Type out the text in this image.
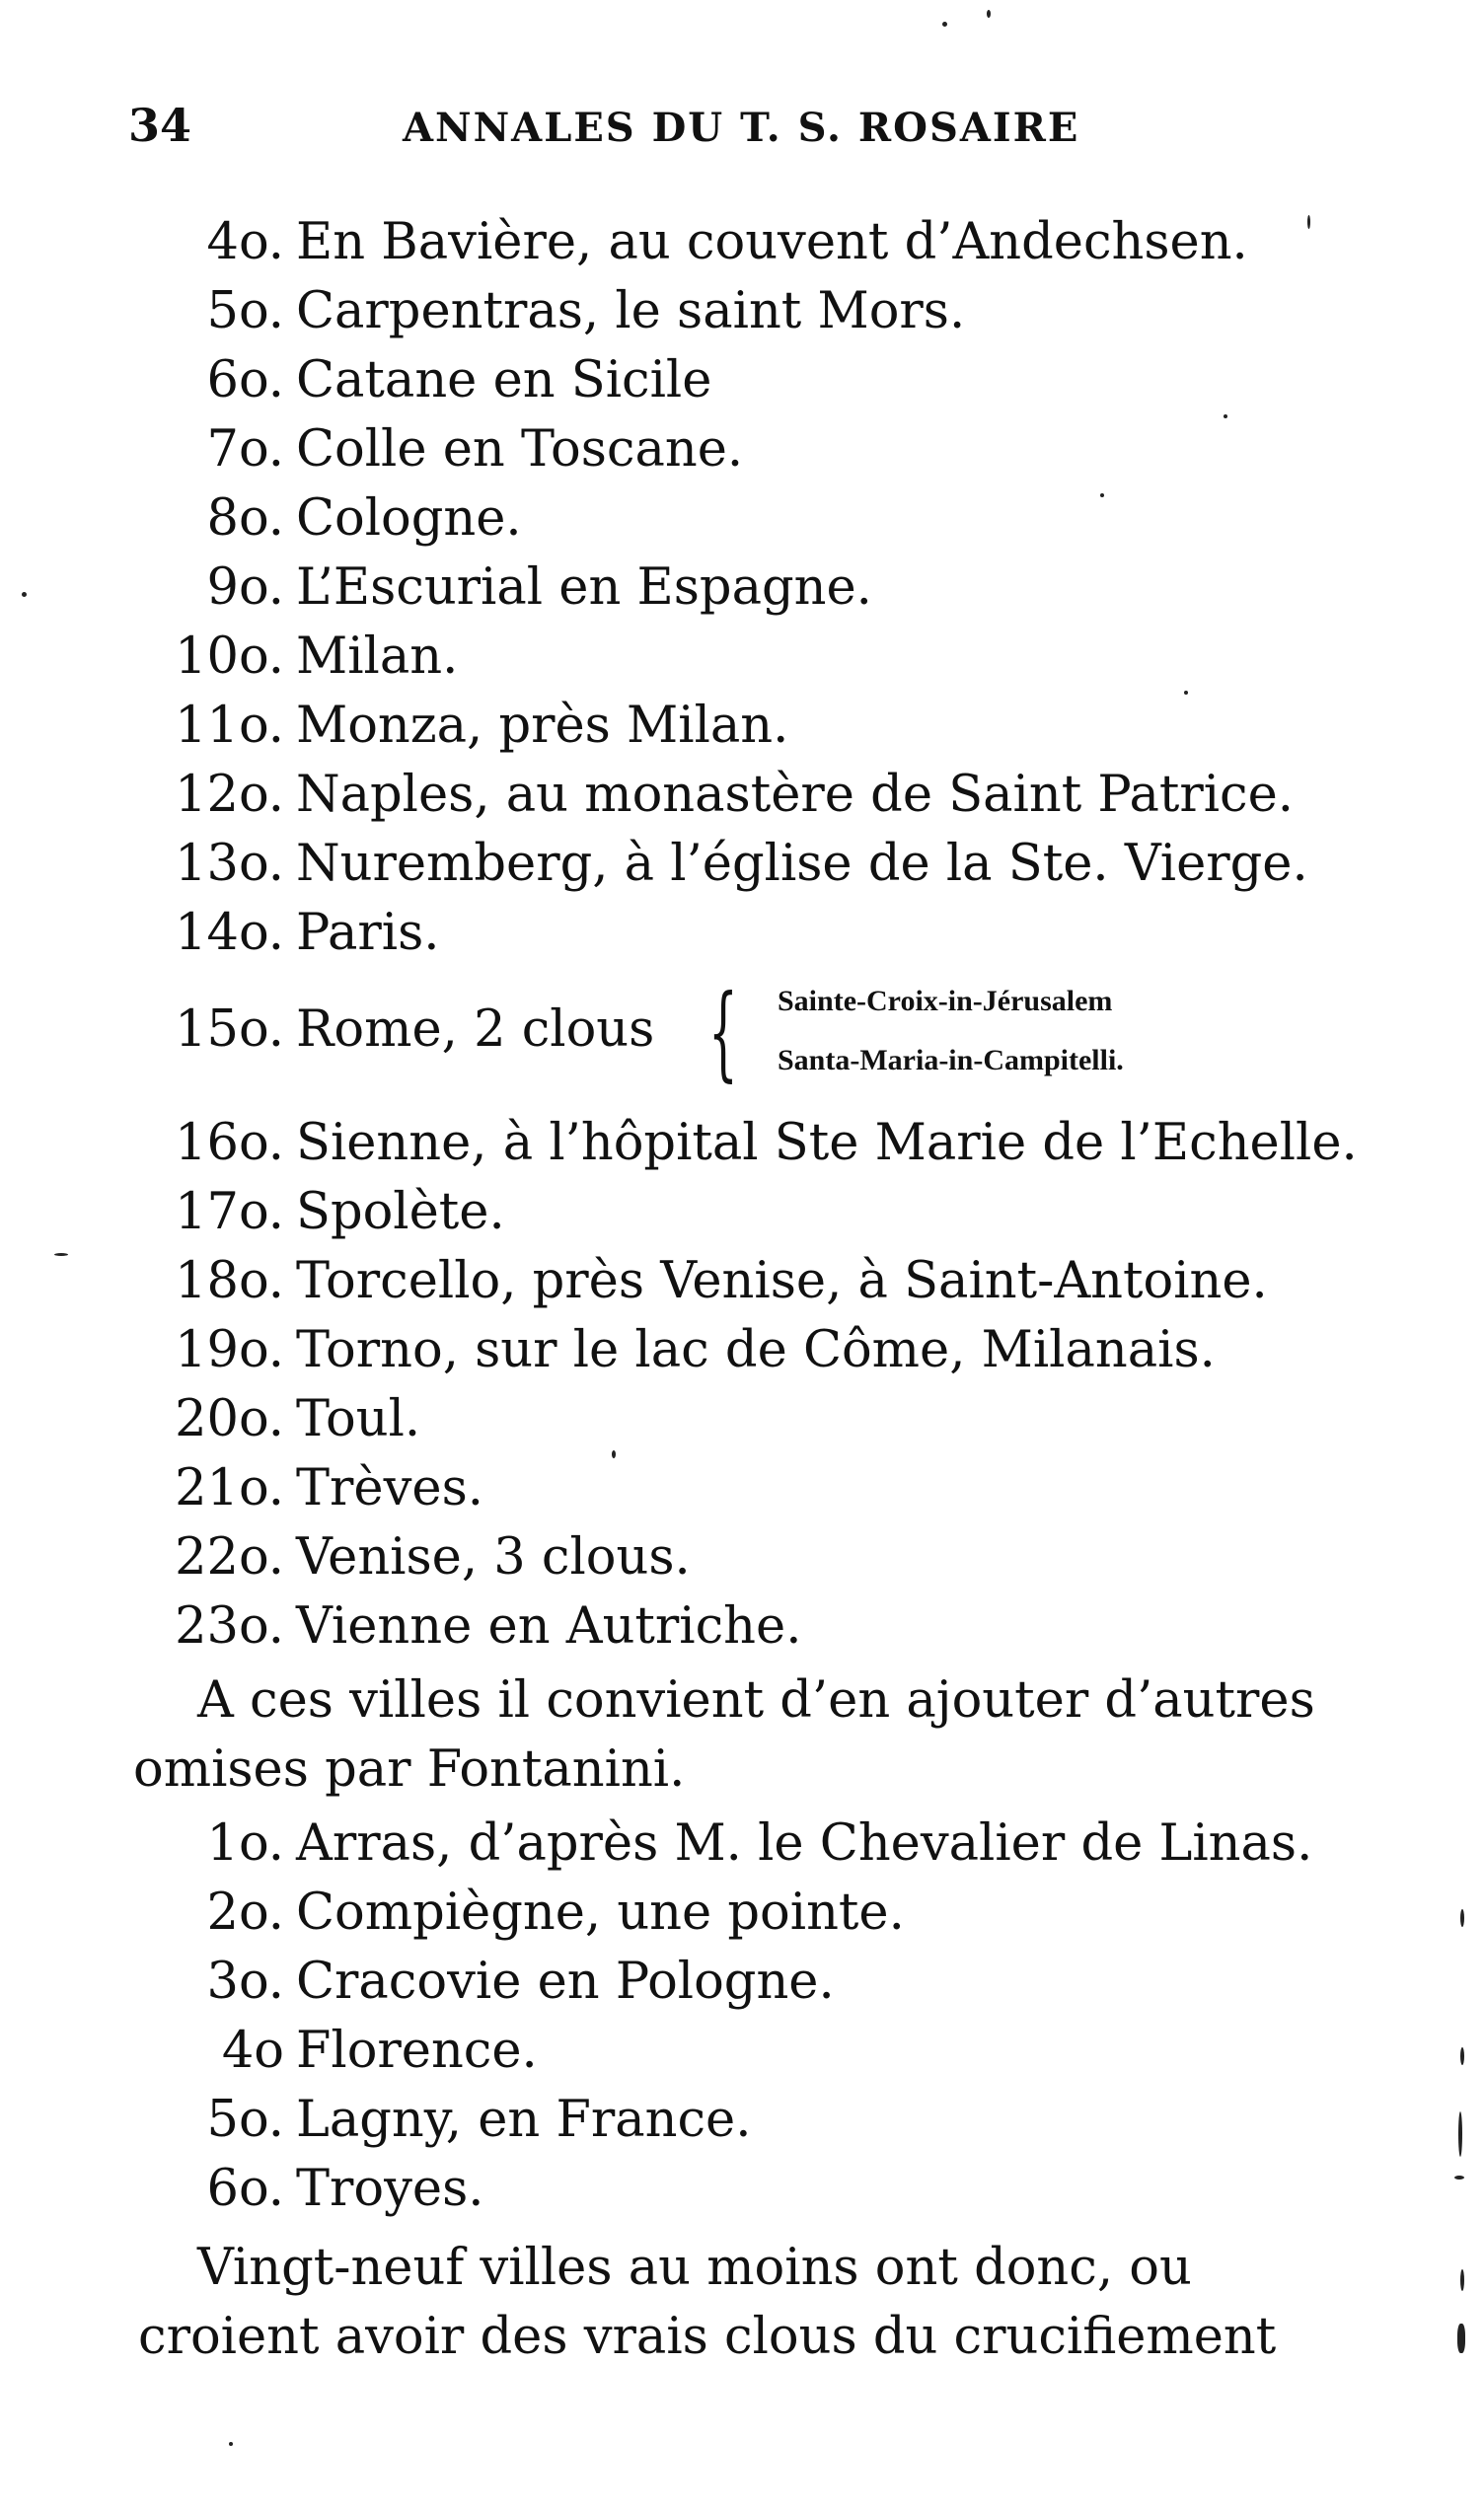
34	ANNALES DU T. S. ROSAIRE
4o. En Bavière, au couvent d’Andechsen.
5o. Carpentras, le saint Mors.
6o. Catane en Sicile
7o. Colle en Toscane.
8o. Cologne.
9o. L’Escurial en Espagne.
10o. Milan.
11o. Monza, près Milan.
12o. Naples, au monastère de Saint Patrice.
13o. Nuremberg, à l’église de la Ste. Vierge.
14o. Paris.
15o. Rome, 2 clous { Sainte-Croix-in-Jérusalem
Santa-Maria-in-Campitelli.
16o. Sienne, à l’hôpital Ste Marie de l’Echelle.
17o. Spolète.
18o. Torcello, près Venise, à Saint-Antoine.
19o. Torno, sur le lac de Côme, Milanais.
20o. Toul.
21o. Trèves.
22o. Venise, 3 clous.
23o. Vienne en Autriche.
A ces villes il convient d’en ajouter d’autres
omises par Fontanini.
1o. Arras, d’après M. le Chevalier de Linas.
2o. Compiègne, une pointe.
3o. Cracovie en Pologne.
4o Florence.
5o. Lagny, en France.
6o. Troyes.
Vingt-neuf villes au moins ont donc, ou
croient avoir des vrais clous du crucifiement
